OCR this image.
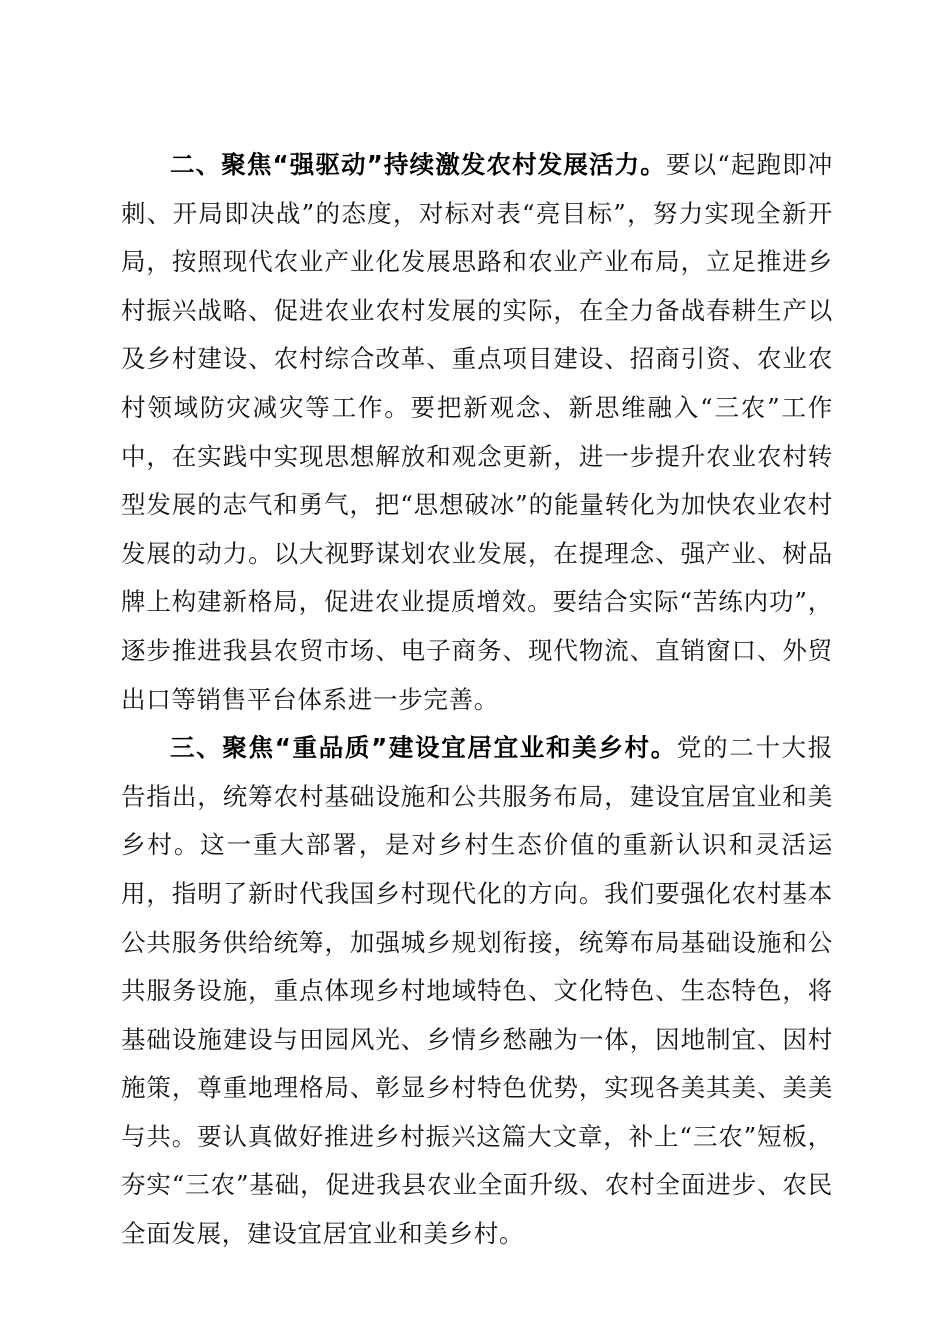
二、聚焦“强驱动”持续激发农村发展活力。要以“起跑即冲刺、开局即决战”的态度，对标对表“亮目标”，努力实现全新开局，按照现代农业产业化发展思路和农业产业布局，立足推进乡村振兴战略、促进农业农村发展的实际，在全力备战春耕生产以及乡村建设、农村综合改革、重点项目建设、招商引资、农业农村领域防灾减灾等工作。要把新观念、新思维融入“三农”工作中，在实践中实现思想解放和观念更新，进一步提升农业农村转型发展的志气和勇气，把“思想破冰”的能量转化为加快农业农村发展的动力。以大视野谋划农业发展，在提理念、强产业、树品牌上构建新格局，促进农业提质增效。要结合实际“苦练内功”，逐步推进我县农贸市场、电子商务、现代物流、直销窗口、外贸出口等销售平台体系进一步完善。

三、聚焦“重品质”建设宜居宜业和美乡村。党的二十大报告指出，统筹农村基础设施和公共服务布局，建设宜居宜业和美乡村。这一重大部署，是对乡村生态价值的重新认识和灵活运用，指明了新时代我国乡村现代化的方向。我们要强化农村基本公共服务供给统筹，加强城乡规划衔接，统筹布局基础设施和公共服务设施，重点体现乡村地域特色、文化特色、生态特色，将基础设施建设与田园风光、乡情乡愁融为一体，因地制宜、因村施策，尊重地理格局、彰显乡村特色优势，实现各美其美、美美与共。要认真做好推进乡村振兴这篇大文章，补上“三农”短板，夯实“三农”基础，促进我县农业全面升级、农村全面进步、农民全面发展，建设宜居宜业和美乡村。
